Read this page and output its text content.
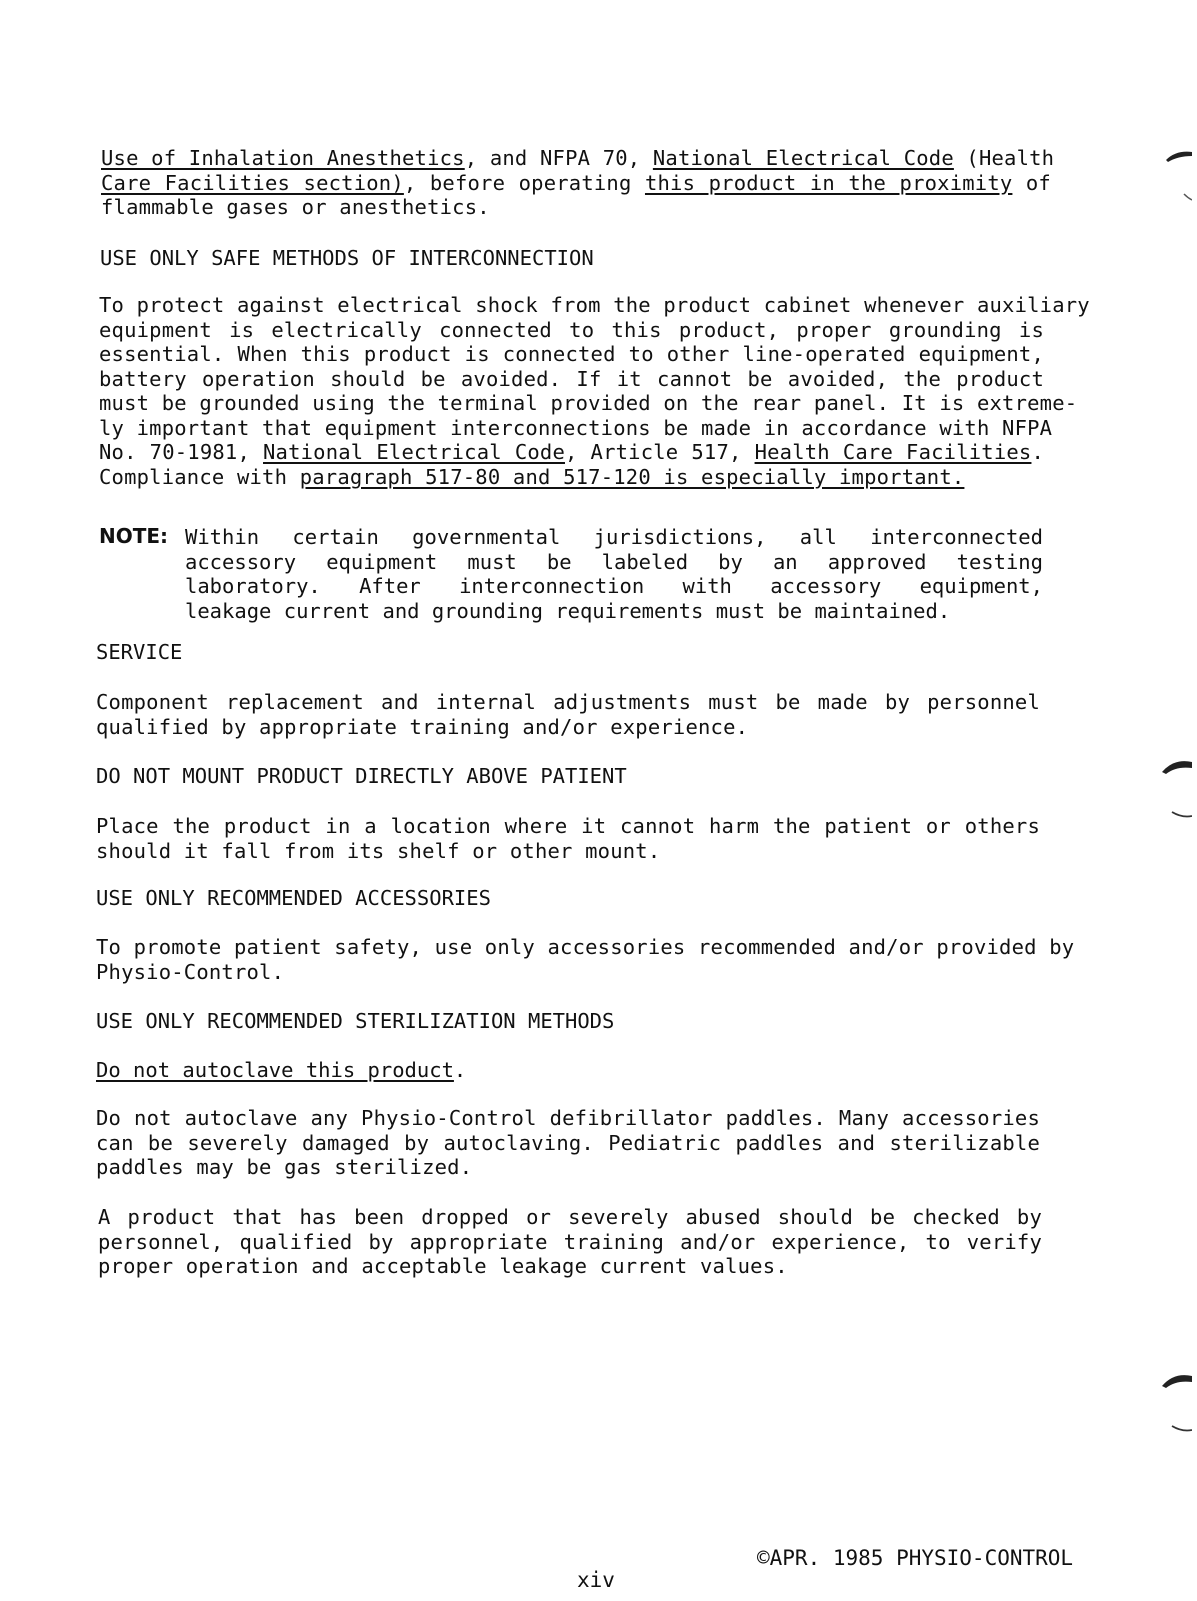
Use of Inhalation Anesthetics, and NFPA 70, National Electrical Code (Health
Care Facilities section), before operating this product in the proximity of
flammable gases or anesthetics.
USE ONLY SAFE METHODS OF INTERCONNECTION
To protect against electrical shock from the product cabinet whenever auxiliary
equipment is electrically connected to this product, proper grounding is
essential. When this product is connected to other line-operated equipment,
battery operation should be avoided. If it cannot be avoided, the product
must be grounded using the terminal provided on the rear panel. It is extreme-
ly important that equipment interconnections be made in accordance with NFPA
No. 70-1981, National Electrical Code, Article 517, Health Care Facilities.
Compliance with paragraph 517-80 and 517-120 is especially important.
NOTE: Within certain governmental jurisdictions, all interconnected
accessory equipment must be labeled by an approved testing
laboratory. After interconnection with accessory equipment,
leakage current and grounding requirements must be maintained.
SERVICE
Component replacement and internal adjustments must be made by personnel
qualified by appropriate training and/or experience.
DO NOT MOUNT PRODUCT DIRECTLY ABOVE PATIENT
Place the product in a location where it cannot harm the patient or others
should it fall from its shelf or other mount.
USE ONLY RECOMMENDED ACCESSORIES
To promote patient safety, use only accessories recommended and/or provided by
Physio-Control.
USE ONLY RECOMMENDED STERILIZATION METHODS
Do not autoclave this product.
Do not autoclave any Physio-Control defibrillator paddles. Many accessories
can be severely damaged by autoclaving. Pediatric paddles and sterilizable
paddles may be gas sterilized.
A product that has been dropped or severely abused should be checked by
personnel, qualified by appropriate training and/or experience, to verify
proper operation and acceptable leakage current values.
xiv
©APR. 1985 PHYSIO-CONTROL
